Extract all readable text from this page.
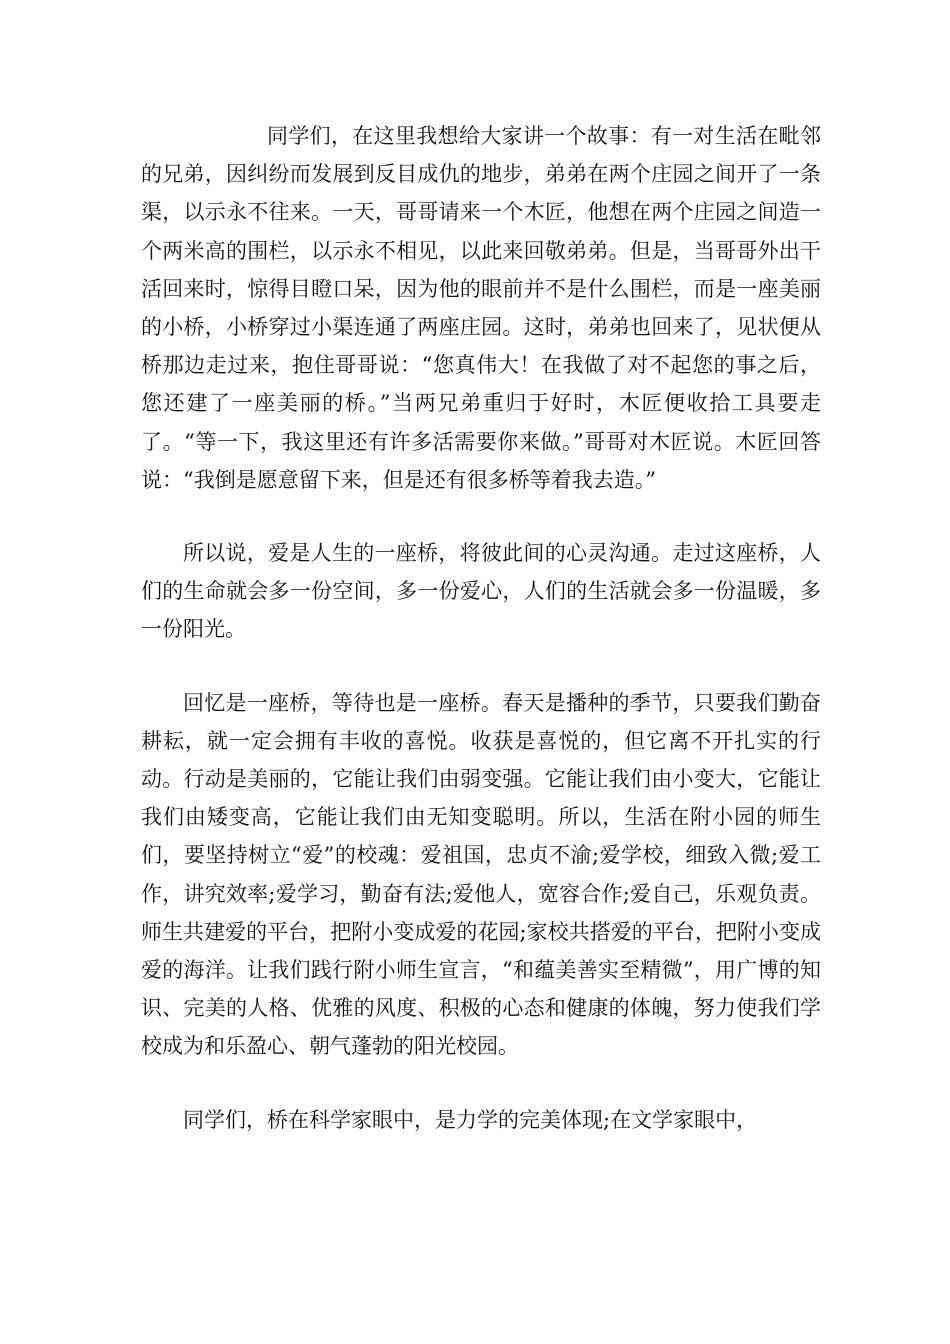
同学们，在这里我想给大家讲一个故事：有一对生活在毗邻的兄弟，因纠纷而发展到反目成仇的地步，弟弟在两个庄园之间开了一条渠，以示永不往来。一天，哥哥请来一个木匠，他想在两个庄园之间造一个两米高的围栏，以示永不相见，以此来回敬弟弟。但是，当哥哥外出干活回来时，惊得目瞪口呆，因为他的眼前并不是什么围栏，而是一座美丽的小桥，小桥穿过小渠连通了两座庄园。这时，弟弟也回来了，见状便从桥那边走过来，抱住哥哥说：“您真伟大！在我做了对不起您的事之后，您还建了一座美丽的桥。”当两兄弟重归于好时，木匠便收拾工具要走了。“等一下，我这里还有许多活需要你来做。”哥哥对木匠说。木匠回答说：“我倒是愿意留下来，但是还有很多桥等着我去造。”

所以说，爱是人生的一座桥，将彼此间的心灵沟通。走过这座桥，人们的生命就会多一份空间，多一份爱心，人们的生活就会多一份温暖，多一份阳光。

回忆是一座桥，等待也是一座桥。春天是播种的季节，只要我们勤奋耕耘，就一定会拥有丰收的喜悦。收获是喜悦的，但它离不开扎实的行动。行动是美丽的，它能让我们由弱变强。它能让我们由小变大，它能让我们由矮变高，它能让我们由无知变聪明。所以，生活在附小园的师生们，要坚持树立“爱”的校魂：爱祖国，忠贞不渝;爱学校，细致入微;爱工作，讲究效率;爱学习，勤奋有法;爱他人，宽容合作;爱自己，乐观负责。师生共建爱的平台，把附小变成爱的花园;家校共搭爱的平台，把附小变成爱的海洋。让我们践行附小师生宣言，“和蕴美善实至精微”，用广博的知识、完美的人格、优雅的风度、积极的心态和健康的体魄，努力使我们学校成为和乐盈心、朝气蓬勃的阳光校园。

同学们，桥在科学家眼中，是力学的完美体现;在文学家眼中，
